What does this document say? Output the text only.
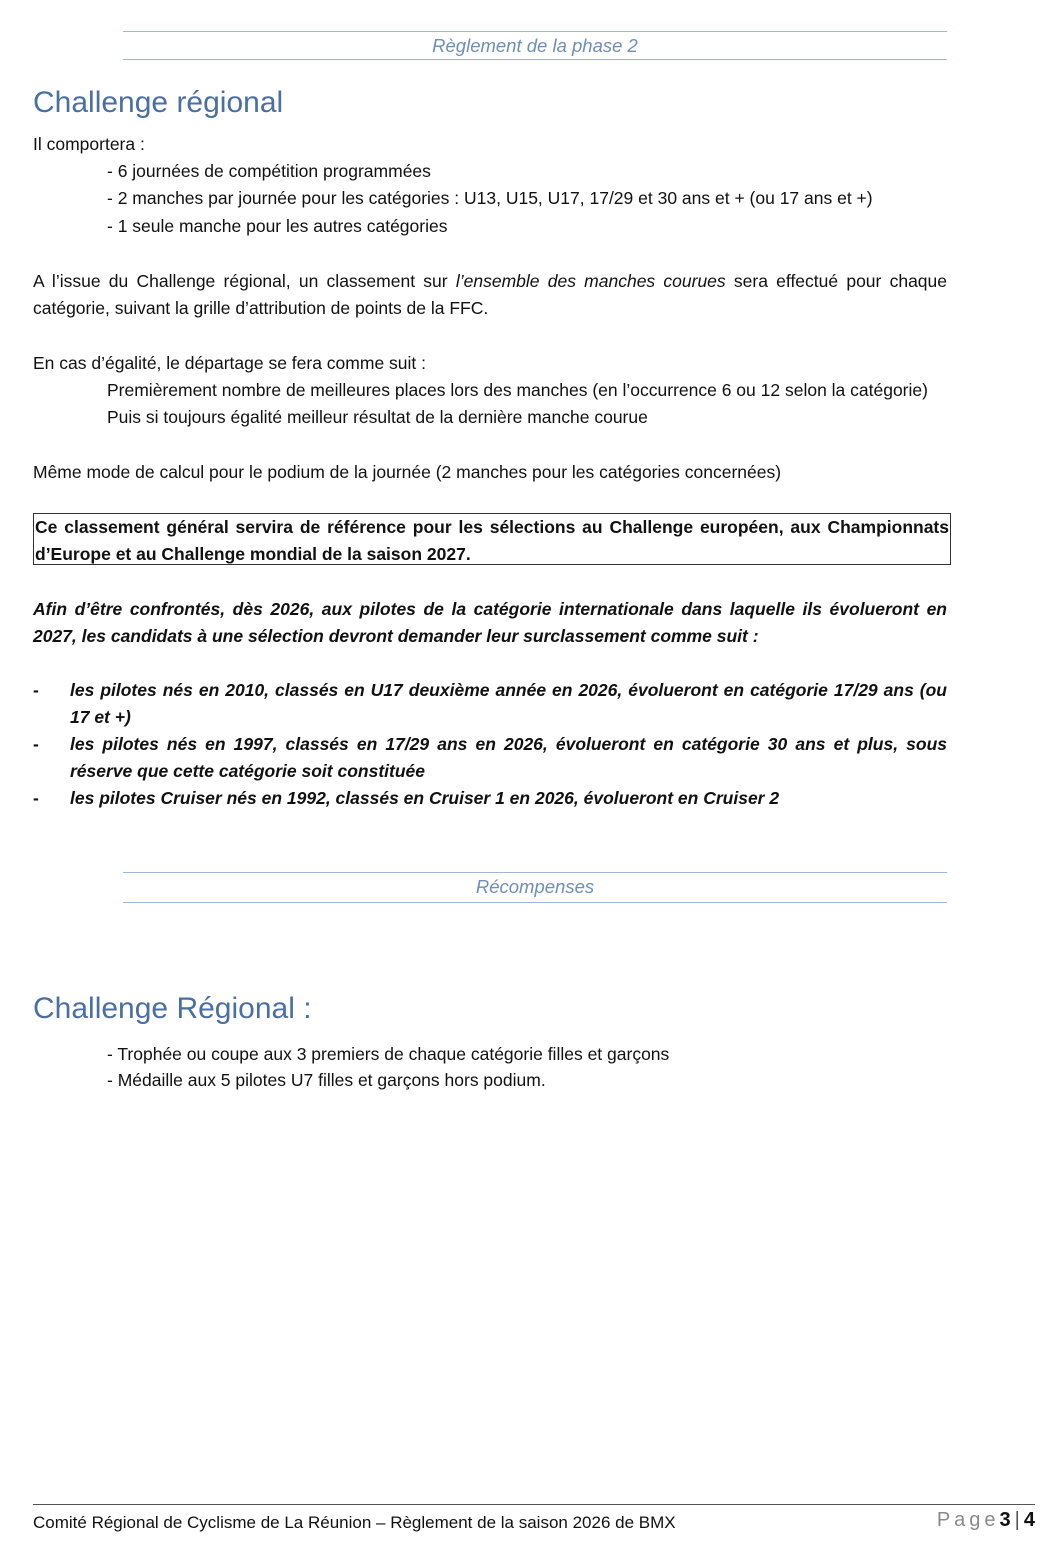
Règlement de la phase 2
Challenge régional
Il comportera :
- 6 journées de compétition programmées
- 2 manches par journée pour les catégories : U13, U15, U17, 17/29 et 30 ans et + (ou 17 ans et +)
- 1 seule manche pour les autres catégories
A l’issue du Challenge régional, un classement sur l’ensemble des manches courues sera effectué pour chaque catégorie, suivant la grille d’attribution de points de la FFC.
En cas d’égalité, le départage se fera comme suit :
Premièrement nombre de meilleures places lors des manches (en l’occurrence 6 ou 12 selon la catégorie)
Puis si toujours égalité meilleur résultat de la dernière manche courue
Même mode de calcul pour le podium de la journée (2 manches pour les catégories concernées)

Ce classement général servira de référence pour les sélections au Challenge européen, aux Championnats d’Europe et au Challenge mondial de la saison 2027.

Afin d’être confrontés, dès 2026, aux pilotes de la catégorie internationale dans laquelle ils évolueront en 2027, les candidats à une sélection devront demander leur surclassement comme suit :
- les pilotes nés en 2010, classés en U17 deuxième année en 2026, évolueront en catégorie 17/29 ans (ou 17 et +)
- les pilotes nés en 1997, classés en 17/29 ans en 2026, évolueront en catégorie 30 ans et plus, sous réserve que cette catégorie soit constituée
- les pilotes Cruiser nés en 1992, classés en Cruiser 1 en 2026, évolueront en Cruiser 2
Récompenses
Challenge Régional :
- Trophée ou coupe aux 3 premiers de chaque catégorie filles et garçons
- Médaille aux 5 pilotes U7 filles et garçons hors podium.
Comité Régional de Cyclisme de La Réunion – Règlement de la saison 2026 de BMX	Page3 | 4
